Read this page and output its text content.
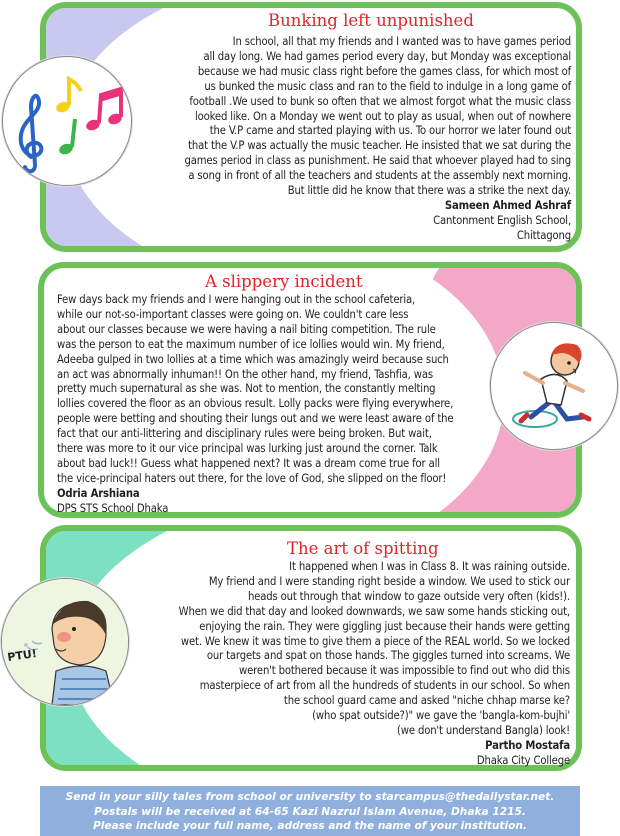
Bunking left unpunished

In school, all that my friends and I wanted was to have games period

all day long. We had games period every day, but Monday was exceptional

because we had music class right before the games class, for which most of

us bunked the music class and ran to the field to indulge in a long game of

football .We used to bunk so often that we almost forgot what the music class

looked like. On a Monday we went out to play as usual, when out of nowhere

the V.P came and started playing with us. To our horror we later found out

that the V.P was actually the music teacher. He insisted that we sat during the

games period in class as punishment. He said that whoever played had to sing

a song in front of all the teachers and students at the assembly next morning.

But little did he know that there was a strike the next day.

Sameen Ahmed Ashraf

Cantonment English School,

Chittagong

A slippery incident

Few days back my friends and I were hanging out in the school cafeteria,

while our not-so-important classes were going on. We couldn't care less

about our classes because we were having a nail biting competition. The rule

was the person to eat the maximum number of ice lollies would win. My friend,

Adeeba gulped in two lollies at a time which was amazingly weird because such

an act was abnormally inhuman!! On the other hand, my friend, Tashfia, was

pretty much supernatural as she was. Not to mention, the constantly melting

lollies covered the floor as an obvious result. Lolly packs were flying everywhere,

people were betting and shouting their lungs out and we were least aware of the

fact that our anti-littering and disciplinary rules were being broken. But wait,

there was more to it our vice principal was lurking just around the corner. Talk

about bad luck!! Guess what happened next? It was a dream come true for all

the vice-principal haters out there, for the love of God, she slipped on the floor!

Odria Arshiana

DPS STS School Dhaka

The art of spitting

It happened when I was in Class 8. It was raining outside.

My friend and I were standing right beside a window. We used to stick our

heads out through that window to gaze outside very often (kids!).

When we did that day and looked downwards, we saw some hands sticking out,

enjoying the rain. They were giggling just because their hands were getting

wet. We knew it was time to give them a piece of the REAL world. So we locked

our targets and spat on those hands. The giggles turned into screams. We

weren't bothered because it was impossible to find out who did this

masterpiece of art from all the hundreds of students in our school. So when

the school guard came and asked "niche chhap marse ke?

(who spat outside?)" we gave the 'bangla-kom-bujhi'

(we don't understand Bangla) look!

Partho Mostafa

Dhaka City College

PTU!
Send in your silly tales from school or university to starcampus@thedailystar.net.
Postals will be received at 64-65 Kazi Nazrul Islam Avenue, Dhaka 1215.
Please include your full name, address and the name of your institution.
